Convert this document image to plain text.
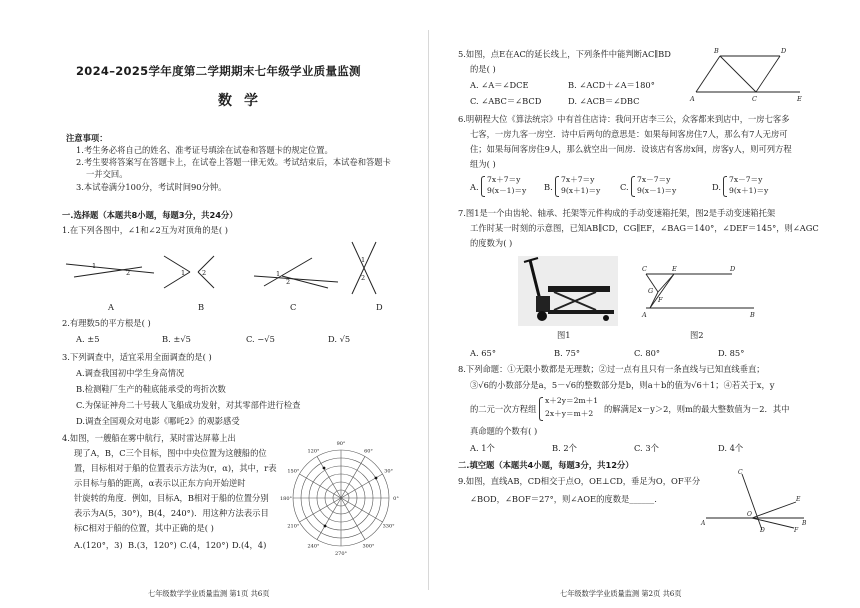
2024–2025学年度第二学期期末七年级学业质量监测
数学
注意事项：
1.考生务必将自己的姓名、准考证号填涂在试卷和答题卡的规定位置。
2.考生要将答案写在答题卡上，在试卷上答题一律无效。考试结束后，本试卷和答题卡
一并交回。
3.本试卷满分100分，考试时间90分钟。
一.选择题（本题共8小题，每题3分，共24分）
1.在下列各图中，∠1和∠2互为对顶角的是( )
1
2	1	2	1
2
1
2
A	B	C	D
2.有理数5的平方根是( )
A. ±5	B. ±√5	C. −√5	D. √5
3.下列调查中，适宜采用全面调查的是( )
A.调查我国初中学生身高情况
B.检测鞋厂生产的鞋底能承受的弯折次数
C.为保证神舟二十号载人飞船成功发射，对其零部件进行检查
D.调查全国观众对电影《哪吒2》的观影感受
4.如图，一艘船在雾中航行，某时雷达屏幕上出
现了A，B，C三个目标，图中中央位置为这艘船的位
置，目标相对于船的位置表示方法为(r，α)，其中，r表
示目标与船的距离，α表示以正东方向开始逆时
针旋转的角度．例如，目标A，B相对于船的位置分别
表示为A(5，30°)，B(4，240°)．用这种方法表示目
标C相对于船的位置，其中正确的是( )
A.(120°，3) B.(3，120°) C.(4，120°) D.(4，4)
90°
60°
30°
0°
330°
300°
270°
240°
210°
180°
150°
120°
七年级数学学业质量监测 第1页 共6页
5.如图，点E在AC的延长线上，下列条件中能判断AC∥BD
的是( )
A. ∠A＝∠DCE	B. ∠ACD＋∠A＝180°
C. ∠ABC＝∠BCD	D. ∠ACB＝∠DBC
B	D
A	C	E
6.明朝程大位《算法统宗》中有首住店诗：我问开店李三公，众客都来到店中，一房七客多
七客，一房九客一房空．诗中后两句的意思是：如果每间客房住7人，那么有7人无房可
住；如果每间客房住9人，那么就空出一间房．设该店有客房x间，房客y人，则可列方程
组为( )
A.
7x＋7＝y
9(x－1)＝y B.
7x＋7＝y
9(x＋1)＝y C.
7x－7＝y
9(x－1)＝y	D.
7x－7＝y
9(x＋1)＝y
7.图1是一个由齿轮、轴承、托架等元件构成的手动变速箱托架，图2是手动变速箱托架
工作时某一时刻的示意图，已知AB∥CD，CG∥EF，∠BAG＝140°，∠DEF＝145°，则∠AGC
的度数为( )
图1
C	E	D
G
F
A	B
图2
A. 65°	B. 75°	C. 80°	D. 85°
8.下列命题：①无限小数都是无理数；②过一点有且只有一条直线与已知直线垂直；
③√6的小数部分是a，5－√6的整数部分是b，则a＋b的值为√6＋1；④若关于x，y
的二元一次方程组
x＋2y＝2m＋1
2x＋y＝m＋2 的解满足x－y＞2，则m的最大整数值为－2．其中
真命题的个数有( )
A. 1个	B. 2个	C. 3个	D. 4个
二.填空题（本题共4小题，每题3分，共12分）
9.如图，直线AB，CD相交于点O，OE⊥CD，垂足为O，OF平分
∠BOD，∠BOF＝27°，则∠AOE的度数是______.	E
C
A
O
B
D	F
七年级数学学业质量监测 第2页 共6页
